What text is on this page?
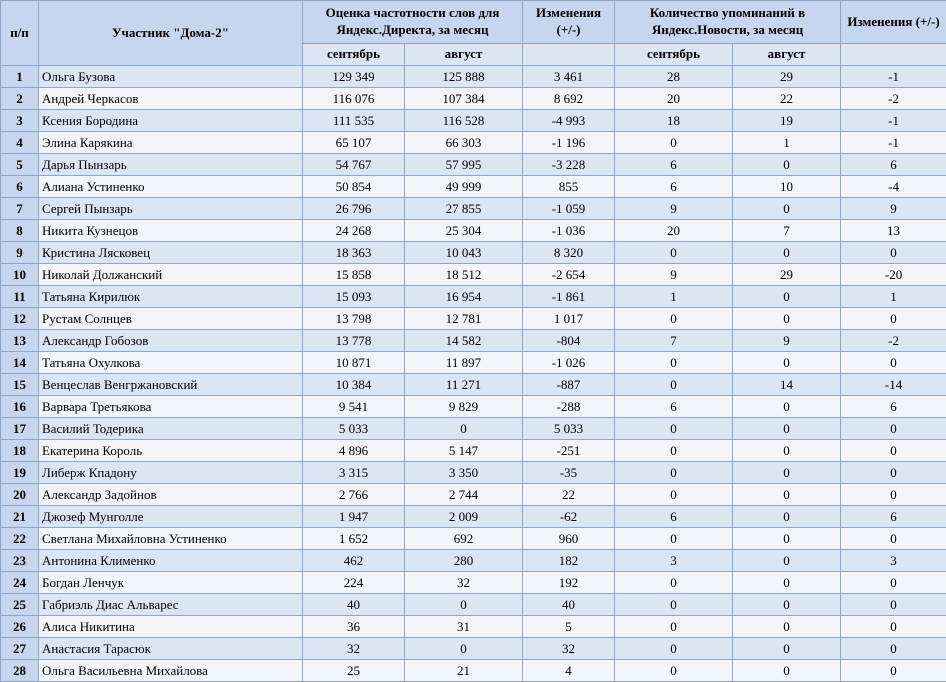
п/п	Участник "Дома-2"	Оценка частотности слов для Яндекс.Директа, за месяц		Изменения (+/-)	Количество упоминаний в Яндекс.Новости, за месяц		Изменения (+/-)
		сентябрь	август		сентябрь	август	
1	Ольга Бузова	129 349	125 888	3 461	28	29	-1
2	Андрей Черкасов	116 076	107 384	8 692	20	22	-2
3	Ксения Бородина	111 535	116 528	-4 993	18	19	-1
4	Элина Карякина	65 107	66 303	-1 196	0	1	-1
5	Дарья Пынзарь	54 767	57 995	-3 228	6	0	6
6	Алиана Устиненко	50 854	49 999	855	6	10	-4
7	Сергей Пынзарь	26 796	27 855	-1 059	9	0	9
8	Никита Кузнецов	24 268	25 304	-1 036	20	7	13
9	Кристина Лясковец	18 363	10 043	8 320	0	0	0
10	Николай Должанский	15 858	18 512	-2 654	9	29	-20
11	Татьяна Кирилюк	15 093	16 954	-1 861	1	0	1
12	Рустам Солнцев	13 798	12 781	1 017	0	0	0
13	Александр Гобозов	13 778	14 582	-804	7	9	-2
14	Татьяна Охулкова	10 871	11 897	-1 026	0	0	0
15	Венцеслав Венгржановский	10 384	11 271	-887	0	14	-14
16	Варвара Третьякова	9 541	9 829	-288	6	0	6
17	Василий Тодерика	5 033	0	5 033	0	0	0
18	Екатерина Король	4 896	5 147	-251	0	0	0
19	Либерж Кпадону	3 315	3 350	-35	0	0	0
20	Александр Задойнов	2 766	2 744	22	0	0	0
21	Джозеф Мунголле	1 947	2 009	-62	6	0	6
22	Светлана Михайловна Устиненко	1 652	692	960	0	0	0
23	Антонина Клименко	462	280	182	3	0	3
24	Богдан Ленчук	224	32	192	0	0	0
25	Габриэль Диас Альварес	40	0	40	0	0	0
26	Алиса Никитина	36	31	5	0	0	0
27	Анастасия Тарасюк	32	0	32	0	0	0
28	Ольга Васильевна Михайлова	25	21	4	0	0	0
